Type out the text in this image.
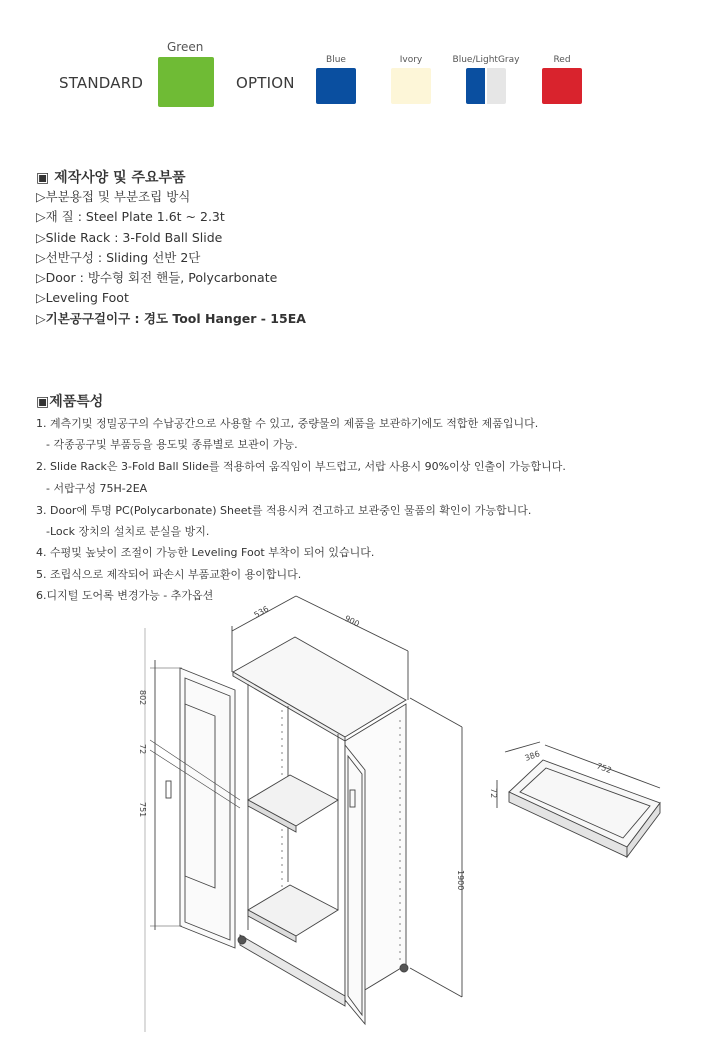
STANDARD
Green
OPTION
Blue	Ivory	Blue/LightGray	Red
▣ 제작사양 및 주요부품
▷부분용접 및 부분조립 방식
▷재 질 : Steel Plate 1.6t ~ 2.3t
▷Slide Rack : 3-Fold Ball Slide
▷선반구성 : Sliding 선반 2단
▷Door : 방수형 회전 핸들, Polycarbonate
▷Leveling Foot
▷기본공구걸이구 : 경도 Tool Hanger - 15EA
▣제품특성
1. 계측기및 정밀공구의 수납공간으로 사용할 수 있고, 중량물의 제품을 보관하기에도 적합한 제품입니다.
- 각종공구및 부품등을 용도및 종류별로 보관이 가능.
2. Slide Rack은 3-Fold Ball Slide를 적용하여 움직임이 부드럽고, 서랍 사용시 90%이상 인출이 가능합니다.
- 서랍구성 75H-2EA
3. Door에 투명 PC(Polycarbonate) Sheet를 적용시켜 견고하고 보관중인 물품의 확인이 가능합니다.
-Lock 장치의 설치로 분실을 방지.
4. 수평및 높낮이 조절이 가능한 Leveling Foot 부착이 되어 있습니다.
5. 조립식으로 제작되어 파손시 부품교환이 용이합니다.
6.디지털 도어록 변경가능 - 추가옵션
536
900
1900
802
72
751
386
752
72
